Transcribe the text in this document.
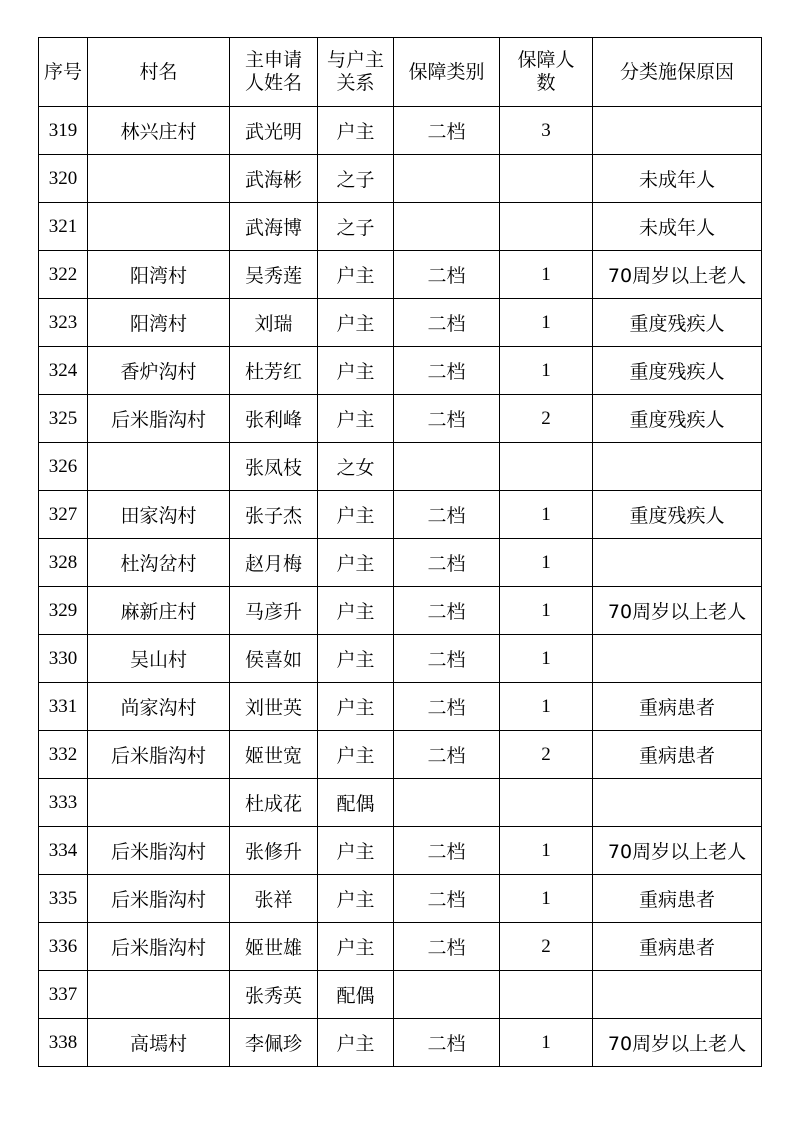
序号	村名	主申请人姓名	与户主关系	保障类别	保障人数	分类施保原因
319	林兴庄村	武光明	户主	二档	3	
320		武海彬	之子			未成年人
321		武海博	之子			未成年人
322	阳湾村	吴秀莲	户主	二档	1	70周岁以上老人
323	阳湾村	刘瑞	户主	二档	1	重度残疾人
324	香炉沟村	杜芳红	户主	二档	1	重度残疾人
325	后米脂沟村	张利峰	户主	二档	2	重度残疾人
326		张凤枝	之女			
327	田家沟村	张子杰	户主	二档	1	重度残疾人
328	杜沟岔村	赵月梅	户主	二档	1	
329	麻新庄村	马彦升	户主	二档	1	70周岁以上老人
330	吴山村	侯喜如	户主	二档	1	
331	尚家沟村	刘世英	户主	二档	1	重病患者
332	后米脂沟村	姬世宽	户主	二档	2	重病患者
333		杜成花	配偶			
334	后米脂沟村	张修升	户主	二档	1	70周岁以上老人
335	后米脂沟村	张祥	户主	二档	1	重病患者
336	后米脂沟村	姬世雄	户主	二档	2	重病患者
337		张秀英	配偶			
338	高墕村	李佩珍	户主	二档	1	70周岁以上老人
